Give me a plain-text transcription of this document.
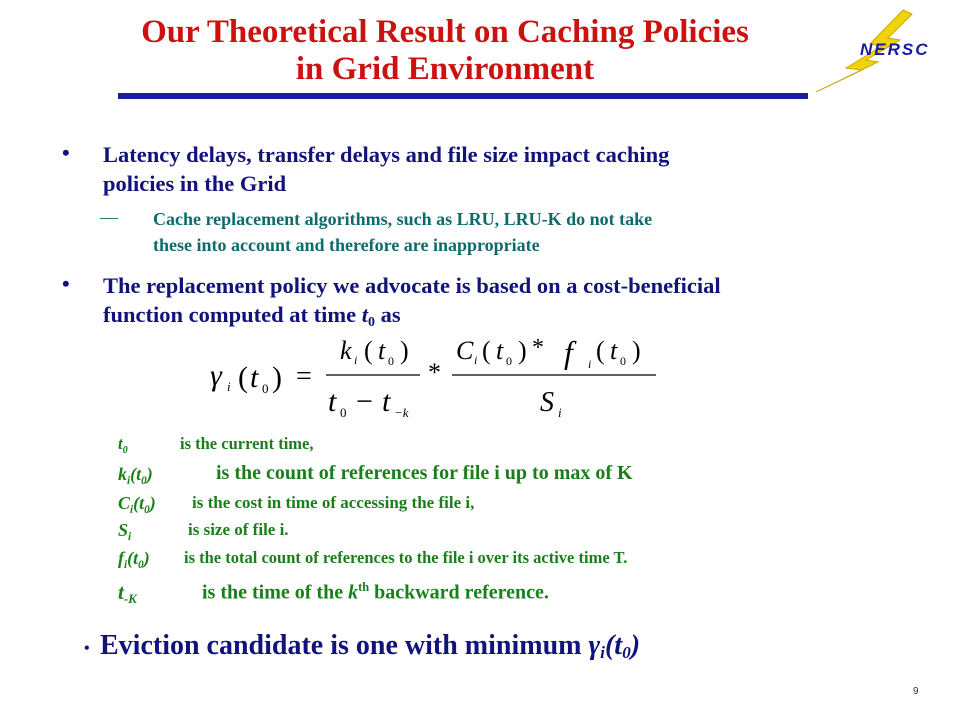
Our Theoretical Result on Caching Policies
in Grid Environment
NERSC
• Latency delays, transfer delays and file size impact caching
policies in the Grid
— Cache replacement algorithms, such as LRU, LRU-K do not take
these into account and therefore are inappropriate
• The replacement policy we advocate is based on a cost-beneficial
function computed at time $t_0$ as
γ i ( t 0 ) =
k i ( t 0 )
t 0 − t −k
*
C i ( t 0 ) * f	i ( t 0 )
S i
$t_0$	is the current time,
$k_i(t_0)$	is the count of references for file i up to max of K
$C_i(t_0)$ is the cost in time of accessing the file i,
$S_i$	is size of file i.
$f_i(t_0)$ is the total count of references to the file i over its active time T.
$t_{-K}$	is the time of the $k^{th}$ backward reference.
• Eviction candidate is one with minimum $\gamma_i(t_0)$
9
